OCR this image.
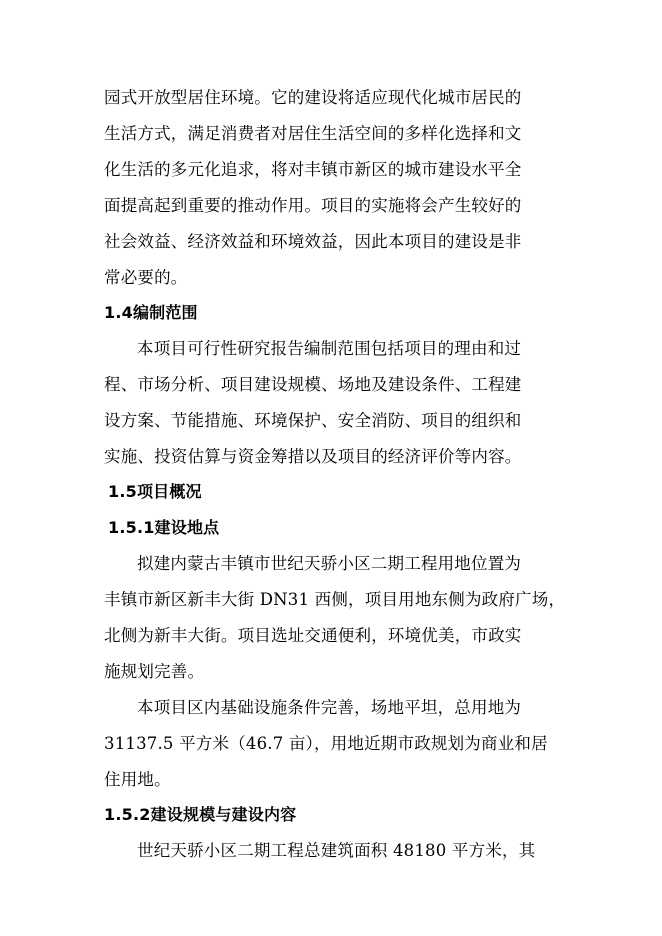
园式开放型居住环境。它的建设将适应现代化城市居民的
生活方式，满足消费者对居住生活空间的多样化选择和文
化生活的多元化追求，将对丰镇市新区的城市建设水平全
面提高起到重要的推动作用。项目的实施将会产生较好的
社会效益、经济效益和环境效益，因此本项目的建设是非
常必要的。
1.4编制范围
本项目可行性研究报告编制范围包括项目的理由和过
程、市场分析、项目建设规模、场地及建设条件、工程建
设方案、节能措施、环境保护、安全消防、项目的组织和
实施、投资估算与资金筹措以及项目的经济评价等内容。
1.5项目概况
1.5.1建设地点
拟建内蒙古丰镇市世纪天骄小区二期工程用地位置为
丰镇市新区新丰大街 DN31 西侧，项目用地东侧为政府广场，
北侧为新丰大街。项目选址交通便利，环境优美，市政实
施规划完善。
本项目区内基础设施条件完善，场地平坦，总用地为
31137.5 平方米（46.7 亩），用地近期市政规划为商业和居
住用地。
1.5.2建设规模与建设内容
世纪天骄小区二期工程总建筑面积 48180 平方米，其
